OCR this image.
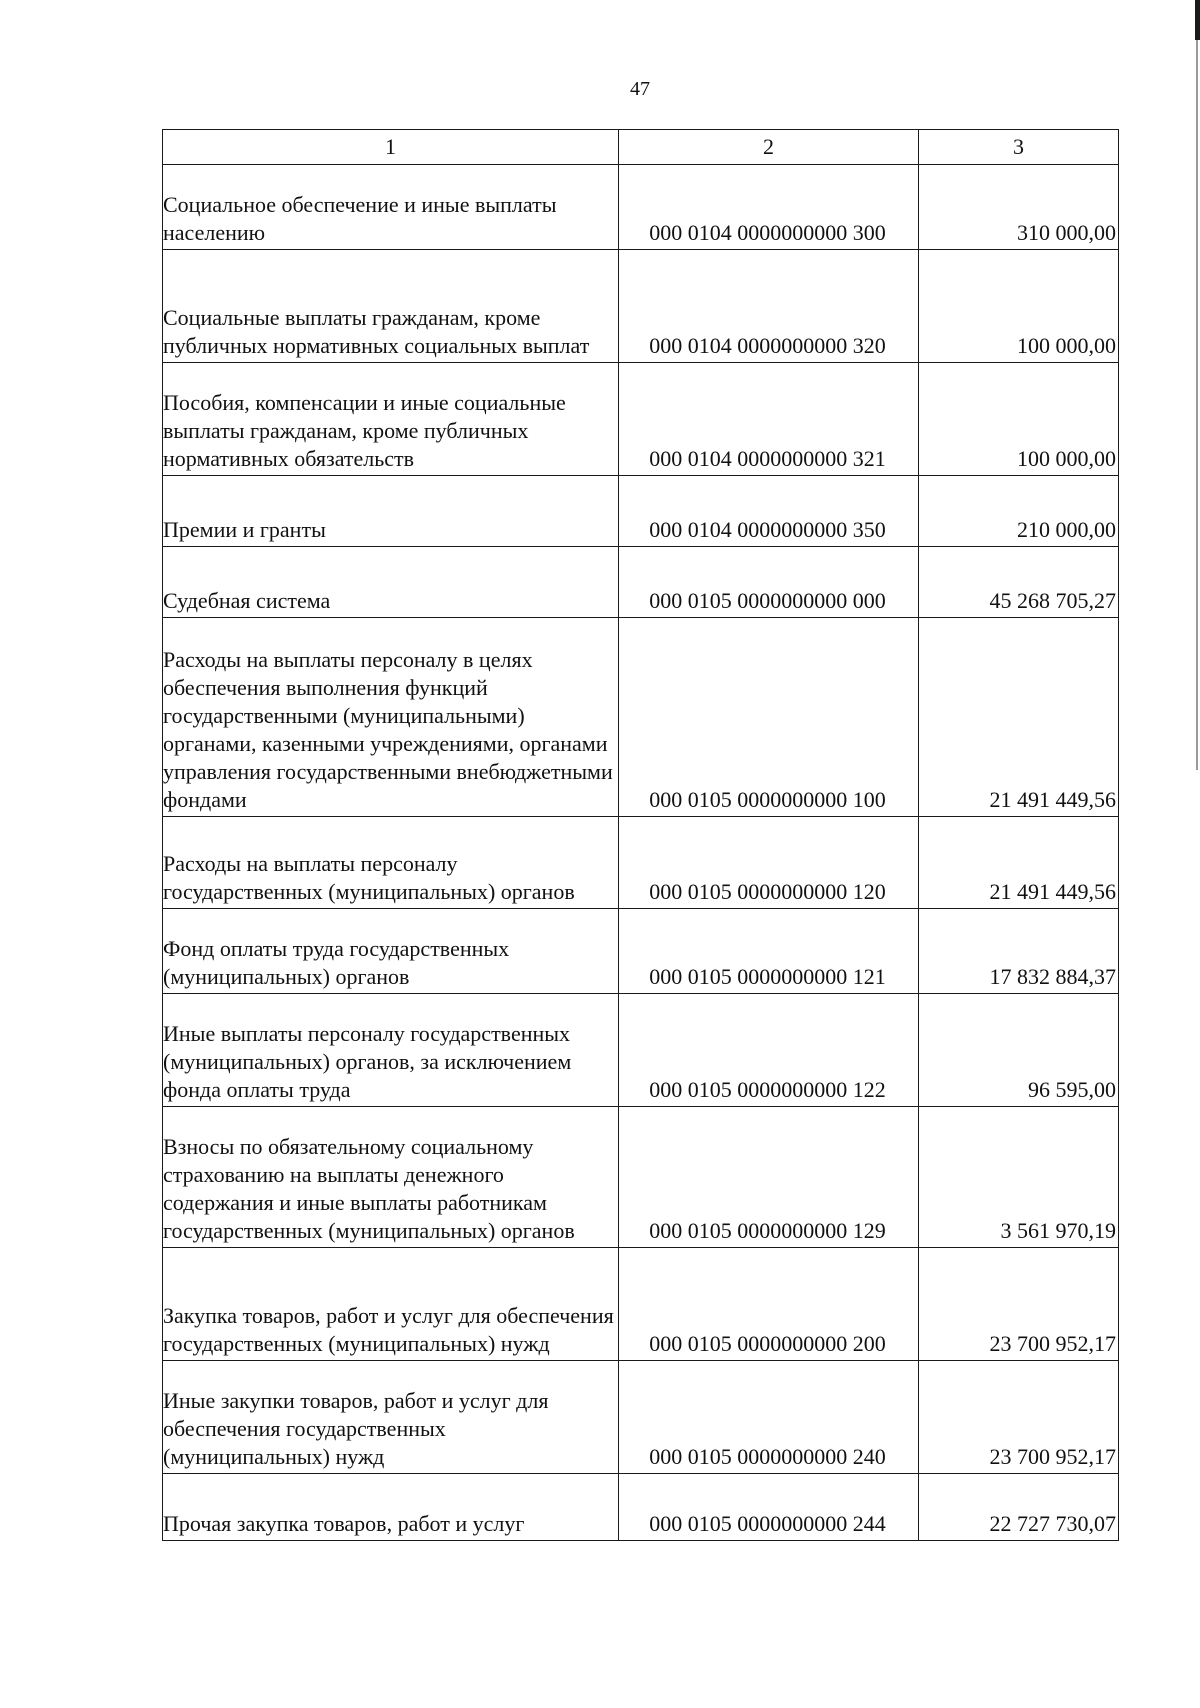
47
1	2	3

Социальное обеспечение и иные выплаты населению	000 0104 0000000000 300	310 000,00

Социальные выплаты гражданам, кроме публичных нормативных социальных выплат	000 0104 0000000000 320	100 000,00

Пособия, компенсации и иные социальные выплаты гражданам, кроме публичных нормативных обязательств	000 0104 0000000000 321	100 000,00

Премии и гранты	000 0104 0000000000 350	210 000,00

Судебная система	000 0105 0000000000 000	45 268 705,27

Расходы на выплаты персоналу в целях обеспечения выполнения функций государственными (муниципальными) органами, казенными учреждениями, органами управления государственными внебюджетными фондами	000 0105 0000000000 100	21 491 449,56

Расходы на выплаты персоналу государственных (муниципальных) органов	000 0105 0000000000 120	21 491 449,56

Фонд оплаты труда государственных (муниципальных) органов	000 0105 0000000000 121	17 832 884,37

Иные выплаты персоналу государственных (муниципальных) органов, за исключением фонда оплаты труда	000 0105 0000000000 122	96 595,00

Взносы по обязательному социальному страхованию на выплаты денежного содержания и иные выплаты работникам государственных (муниципальных) органов	000 0105 0000000000 129	3 561 970,19

Закупка товаров, работ и услуг для обеспечения государственных (муниципальных) нужд	000 0105 0000000000 200	23 700 952,17

Иные закупки товаров, работ и услуг для обеспечения государственных (муниципальных) нужд	000 0105 0000000000 240	23 700 952,17

Прочая закупка товаров, работ и услуг	000 0105 0000000000 244	22 727 730,07
